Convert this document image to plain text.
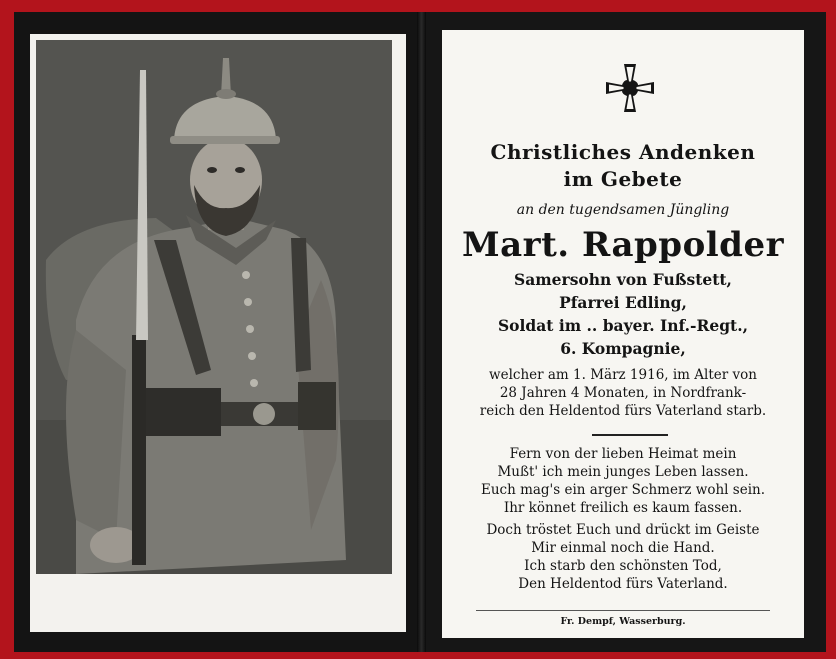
Christliches Andenken
im Gebete
an den tugendsamen Jüngling
Mart. Rappolder
Samersohn von Fußstett,
Pfarrei Edling,
Soldat im .. bayer. Inf.-Regt.,
6. Kompagnie,
welcher am 1. März 1916, im Alter von
28 Jahren 4 Monaten, in Nordfrank-
reich den Heldentod fürs Vaterland starb.
Fern von der lieben Heimat mein
Mußt' ich mein junges Leben lassen.
Euch mag's ein arger Schmerz wohl sein.
Ihr könnet freilich es kaum fassen.
Doch tröstet Euch und drückt im Geiste
Mir einmal noch die Hand.
Ich starb den schönsten Tod,
Den Heldentod fürs Vaterland.
Fr. Dempf, Wasserburg.
